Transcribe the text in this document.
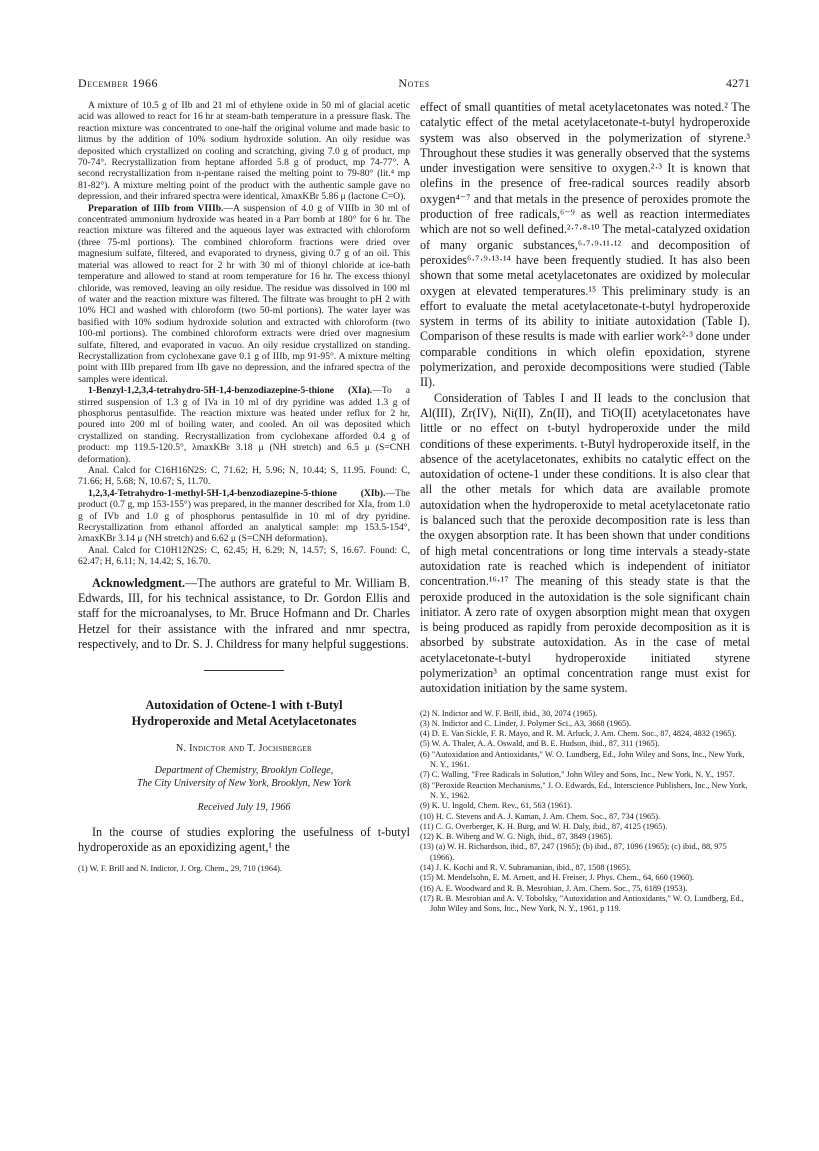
December 1966	Notes	4271

A mixture of 10.5 g of IIb and 21 ml of ethylene oxide in 50 ml of glacial acetic acid was allowed to react for 16 hr at steam-bath temperature in a pressure flask. The reaction mixture was concentrated to one-half the original volume and made basic to litmus by the addition of 10% sodium hydroxide solution. An oily residue was deposited which crystallized on cooling and scratching, giving 7.0 g of product, mp 70-74°. Recrystallization from heptane afforded 5.8 g of product, mp 74-77°. A second recrystallization from n-pentane raised the melting point to 79-80° (lit.⁴ mp 81-82°). A mixture melting point of the product with the authentic sample gave no depression, and their infrared spectra were identical, λmaxKBr 5.86 μ (lactone C=O).

Preparation of IIIb from VIIIb.—A suspension of 4.0 g of VIIIb in 30 ml of concentrated ammonium hydroxide was heated in a Parr bomb at 180° for 6 hr. The reaction mixture was filtered and the aqueous layer was extracted with chloroform (three 75-ml portions). The combined chloroform fractions were dried over magnesium sulfate, filtered, and evaporated to dryness, giving 0.7 g of an oil. This material was allowed to react for 2 hr with 30 ml of thionyl chloride at ice-bath temperature and allowed to stand at room temperature for 16 hr. The excess thionyl chloride, was removed, leaving an oily residue. The residue was dissolved in 100 ml of water and the reaction mixture was filtered. The filtrate was brought to pH 2 with 10% HCl and washed with chloroform (two 50-ml portions). The water layer was basified with 10% sodium hydroxide solution and extracted with chloroform (two 100-ml portions). The combined chloroform extracts were dried over magnesium sulfate, filtered, and evaporated in vacuo. An oily residue crystallized on standing. Recrystallization from cyclohexane gave 0.1 g of IIIb, mp 91-95°. A mixture melting point with IIIb prepared from IIb gave no depression, and the infrared spectra of the samples were identical.

1-Benzyl-1,2,3,4-tetrahydro-5H-1,4-benzodiazepine-5-thione (XIa).—To a stirred suspension of 1.3 g of IVa in 10 ml of dry pyridine was added 1.3 g of phosphorus pentasulfide. The reaction mixture was heated under reflux for 2 hr, poured into 200 ml of boiling water, and cooled. An oil was deposited which crystallized on standing. Recrystallization from cyclohexane afforded 0.4 g of product: mp 119.5-120.5°, λmaxKBr 3.18 μ (NH stretch) and 6.5 μ (S=CNH deformation).

Anal. Calcd for C16H16N2S: C, 71.62; H, 5.96; N, 10.44; S, 11.95. Found: C, 71.66; H, 5.68; N, 10.67; S, 11.70.

1,2,3,4-Tetrahydro-1-methyl-5H-1,4-benzodiazepine-5-thione (XIb).—The product (0.7 g, mp 153-155°) was prepared, in the manner described for XIa, from 1.0 g of IVb and 1.0 g of phosphorus pentasulfide in 10 ml of dry pyridine. Recrystallization from ethanol afforded an analytical sample: mp 153.5-154°, λmaxKBr 3.14 μ (NH stretch) and 6.62 μ (S=CNH deformation).

Anal. Calcd for C10H12N2S: C, 62.45; H, 6.29; N, 14.57; S, 16.67. Found: C, 62.47; H, 6.11; N, 14.42; S, 16.70.

Acknowledgment.—The authors are grateful to Mr. William B. Edwards, III, for his technical assistance, to Dr. Gordon Ellis and staff for the microanalyses, to Mr. Bruce Hofmann and Dr. Charles Hetzel for their assistance with the infrared and nmr spectra, respectively, and to Dr. S. J. Childress for many helpful suggestions.

Autoxidation of Octene-1 with t-Butyl
Hydroperoxide and Metal Acetylacetonates
N. Indictor and T. Jochsberger
Department of Chemistry, Brooklyn College,
The City University of New York, Brooklyn, New York
Received July 19, 1966

In the course of studies exploring the usefulness of t-butyl hydroperoxide as an epoxidizing agent,¹ the

(1) W. F. Brill and N. Indictor, J. Org. Chem., 29, 710 (1964).

effect of small quantities of metal acetylacetonates was noted.² The catalytic effect of the metal acetylacetonate-t-butyl hydroperoxide system was also observed in the polymerization of styrene.³ Throughout these studies it was generally observed that the systems under investigation were sensitive to oxygen.²·³ It is known that olefins in the presence of free-radical sources readily absorb oxygen⁴⁻⁷ and that metals in the presence of peroxides promote the production of free radicals,⁶⁻⁹ as well as reaction intermediates which are not so well defined.²·⁷·⁸·¹⁰ The metal-catalyzed oxidation of many organic substances,⁶·⁷·⁹·¹¹·¹² and decomposition of peroxides⁶·⁷·⁹·¹³·¹⁴ have been frequently studied. It has also been shown that some metal acetylacetonates are oxidized by molecular oxygen at elevated temperatures.¹⁵ This preliminary study is an effort to evaluate the metal acetylacetonate-t-butyl hydroperoxide system in terms of its ability to initiate autoxidation (Table I). Comparison of these results is made with earlier work²·³ done under comparable conditions in which olefin epoxidation, styrene polymerization, and peroxide decompositions were studied (Table II).

Consideration of Tables I and II leads to the conclusion that Al(III), Zr(IV), Ni(II), Zn(II), and TiO(II) acetylacetonates have little or no effect on t-butyl hydroperoxide under the mild conditions of these experiments. t-Butyl hydroperoxide itself, in the absence of the acetylacetonates, exhibits no catalytic effect on the autoxidation of octene-1 under these conditions. It is also clear that all the other metals for which data are available promote autoxidation when the hydroperoxide to metal acetylacetonate ratio is balanced such that the peroxide decomposition rate is less than the oxygen absorption rate. It has been shown that under conditions of high metal concentrations or long time intervals a steady-state autoxidation rate is reached which is independent of initiator concentration.¹⁶·¹⁷ The meaning of this steady state is that the peroxide produced in the autoxidation is the sole significant chain initiator. A zero rate of oxygen absorption might mean that oxygen is being produced as rapidly from peroxide decomposition as it is absorbed by substrate autoxidation. As in the case of metal acetylacetonate-t-butyl hydroperoxide initiated styrene polymerization³ an optimal concentration range must exist for autoxidation initiation by the same system.

(2) N. Indictor and W. F. Brill, ibid., 30, 2074 (1965).
(3) N. Indictor and C. Linder, J. Polymer Sci., A3, 3668 (1965).
(4) D. E. Van Sickle, F. R. Mayo, and R. M. Arluck, J. Am. Chem. Soc., 87, 4824, 4832 (1965).
(5) W. A. Thaler, A. A. Oswald, and B. E. Hudson, ibid., 87, 311 (1965).
(6) "Autoxidation and Antioxidants," W. O. Lundberg, Ed., John Wiley and Sons, Inc., New York, N. Y., 1961.
(7) C. Walling, "Free Radicals in Solution," John Wiley and Sons, Inc., New York, N. Y., 1957.
(8) "Peroxide Reaction Mechanisms," J. O. Edwards, Ed., Interscience Publishers, Inc., New York, N. Y., 1962.
(9) K. U. Ingold, Chem. Rev., 61, 563 (1961).
(10) H. C. Stevens and A. J. Kaman, J. Am. Chem. Soc., 87, 734 (1965).
(11) C. G. Overberger, K. H. Burg, and W. H. Daly, ibid., 87, 4125 (1965).
(12) K. B. Wiberg and W. G. Nigh, ibid., 87, 3849 (1965).
(13) (a) W. H. Richardson, ibid., 87, 247 (1965); (b) ibid., 87, 1096 (1965); (c) ibid., 88, 975 (1966).
(14) J. K. Kochi and R. V. Subramanian, ibid., 87, 1508 (1965).
(15) M. Mendelsohn, E. M. Arnett, and H. Freiser, J. Phys. Chem., 64, 660 (1960).
(16) A. E. Woodward and R. B. Mesrobian, J. Am. Chem. Soc., 75, 6189 (1953).
(17) R. B. Mesrobian and A. V. Tobolsky, "Autoxidation and Antioxidants," W. O. Lundberg, Ed., John Wiley and Sons, Inc., New York, N. Y., 1961, p 119.
